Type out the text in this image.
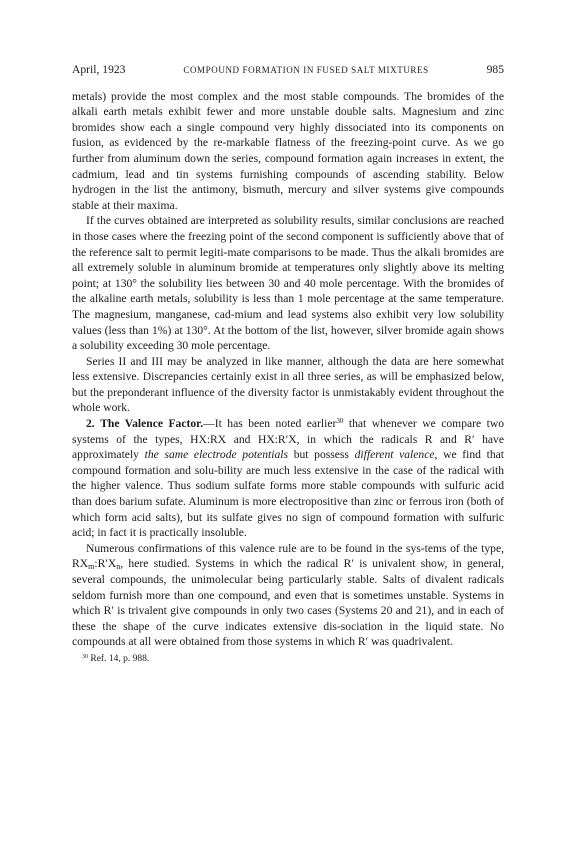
April, 1923	COMPOUND FORMATION IN FUSED SALT MIXTURES	985

metals) provide the most complex and the most stable compounds. The bromides of the alkali earth metals exhibit fewer and more unstable double salts. Magnesium and zinc bromides show each a single compound very highly dissociated into its components on fusion, as evidenced by the re-markable flatness of the freezing-point curve. As we go further from aluminum down the series, compound formation again increases in extent, the cadmium, lead and tin systems furnishing compounds of ascending stability. Below hydrogen in the list the antimony, bismuth, mercury and silver systems give compounds stable at their maxima.

If the curves obtained are interpreted as solubility results, similar conclusions are reached in those cases where the freezing point of the second component is sufficiently above that of the reference salt to permit legiti-mate comparisons to be made. Thus the alkali bromides are all extremely soluble in aluminum bromide at temperatures only slightly above its melting point; at 130° the solubility lies between 30 and 40 mole percentage. With the bromides of the alkaline earth metals, solubility is less than 1 mole percentage at the same temperature. The magnesium, manganese, cad-mium and lead systems also exhibit very low solubility values (less than 1%) at 130°. At the bottom of the list, however, silver bromide again shows a solubility exceeding 30 mole percentage.

Series II and III may be analyzed in like manner, although the data are here somewhat less extensive. Discrepancies certainly exist in all three series, as will be emphasized below, but the preponderant influence of the diversity factor is unmistakably evident throughout the whole work.

2. The Valence Factor.—It has been noted earlier$^{30}$ that whenever we compare two systems of the types, HX:RX and HX:R′X, in which the radicals R and R′ have approximately the same electrode potentials but possess different valence, we find that compound formation and solu-bility are much less extensive in the case of the radical with the higher valence. Thus sodium sulfate forms more stable compounds with sulfuric acid than does barium sufate. Aluminum is more electropositive than zinc or ferrous iron (both of which form acid salts), but its sulfate gives no sign of compound formation with sulfuric acid; in fact it is practically insoluble.

Numerous confirmations of this valence rule are to be found in the sys-tems of the type, $RX_m:R'X_n$, here studied. Systems in which the radical R′ is univalent show, in general, several compounds, the unimolecular being particularly stable. Salts of divalent radicals seldom furnish more than one compound, and even that is sometimes unstable. Systems in which R′ is trivalent give compounds in only two cases (Systems 20 and 21), and in each of these the shape of the curve indicates extensive dis-sociation in the liquid state. No compounds at all were obtained from those systems in which R′ was quadrivalent.

$^{30}$ Ref. 14, p. 988.
